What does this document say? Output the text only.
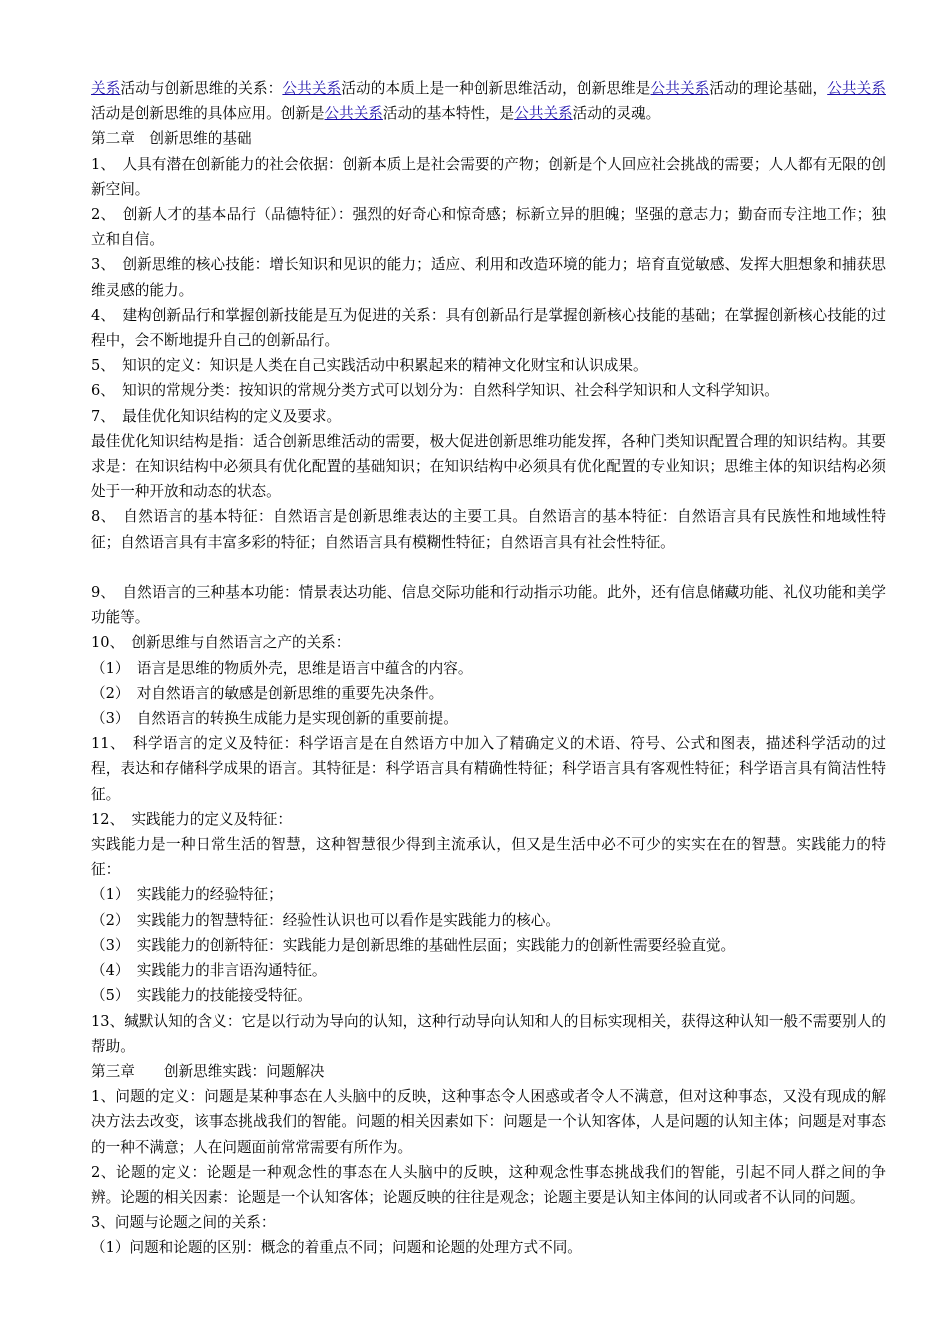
关系活动与创新思维的关系：公共关系活动的本质上是一种创新思维活动，创新思维是公共关系活动的理论基础，公共关系活动是创新思维的具体应用。创新是公共关系活动的基本特性，是公共关系活动的灵魂。

第二章　创新思维的基础

1、　人具有潜在创新能力的社会依据：创新本质上是社会需要的产物；创新是个人回应社会挑战的需要；人人都有无限的创新空间。

2、　创新人才的基本品行（品德特征）：强烈的好奇心和惊奇感；标新立异的胆魄；坚强的意志力；勤奋而专注地工作；独立和自信。

3、　创新思维的核心技能：增长知识和见识的能力；适应、利用和改造环境的能力；培育直觉敏感、发挥大胆想象和捕获思维灵感的能力。

4、　建构创新品行和掌握创新技能是互为促进的关系：具有创新品行是掌握创新核心技能的基础；在掌握创新核心技能的过程中，会不断地提升自己的创新品行。

5、　知识的定义：知识是人类在自己实践活动中积累起来的精神文化财宝和认识成果。

6、　知识的常规分类：按知识的常规分类方式可以划分为：自然科学知识、社会科学知识和人文科学知识。

7、　最佳优化知识结构的定义及要求。

最佳优化知识结构是指：适合创新思维活动的需要，极大促进创新思维功能发挥，各种门类知识配置合理的知识结构。其要求是：在知识结构中必须具有优化配置的基础知识；在知识结构中必须具有优化配置的专业知识；思维主体的知识结构必须处于一种开放和动态的状态。

8、　自然语言的基本特征：自然语言是创新思维表达的主要工具。自然语言的基本特征：自然语言具有民族性和地域性特征；自然语言具有丰富多彩的特征；自然语言具有模糊性特征；自然语言具有社会性特征。

9、　自然语言的三种基本功能：情景表达功能、信息交际功能和行动指示功能。此外，还有信息储藏功能、礼仪功能和美学功能等。

10、　创新思维与自然语言之产的关系：

（1）　语言是思维的物质外壳，思维是语言中蕴含的内容。

（2）　对自然语言的敏感是创新思维的重要先决条件。

（3）　自然语言的转换生成能力是实现创新的重要前提。

11、　科学语言的定义及特征：科学语言是在自然语方中加入了精确定义的术语、符号、公式和图表，描述科学活动的过程，表达和存储科学成果的语言。其特征是：科学语言具有精确性特征；科学语言具有客观性特征；科学语言具有简洁性特征。

12、　实践能力的定义及特征：

实践能力是一种日常生活的智慧，这种智慧很少得到主流承认，但又是生活中必不可少的实实在在的智慧。实践能力的特征：

（1）　实践能力的经验特征；

（2）　实践能力的智慧特征：经验性认识也可以看作是实践能力的核心。

（3）　实践能力的创新特征：实践能力是创新思维的基础性层面；实践能力的创新性需要经验直觉。

（4）　实践能力的非言语沟通特征。

（5）　实践能力的技能接受特征。

13、缄默认知的含义：它是以行动为导向的认知，这种行动导向认知和人的目标实现相关，获得这种认知一般不需要别人的帮助。

第三章　　创新思维实践：问题解决

1、问题的定义：问题是某种事态在人头脑中的反映，这种事态令人困惑或者令人不满意，但对这种事态，又没有现成的解决方法去改变，该事态挑战我们的智能。问题的相关因素如下：问题是一个认知客体，人是问题的认知主体；问题是对事态的一种不满意；人在问题面前常常需要有所作为。

2、论题的定义：论题是一种观念性的事态在人头脑中的反映，这种观念性事态挑战我们的智能，引起不同人群之间的争辨。论题的相关因素：论题是一个认知客体；论题反映的往往是观念；论题主要是认知主体间的认同或者不认同的问题。

3、问题与论题之间的关系：

（1）问题和论题的区别：概念的着重点不同；问题和论题的处理方式不同。
